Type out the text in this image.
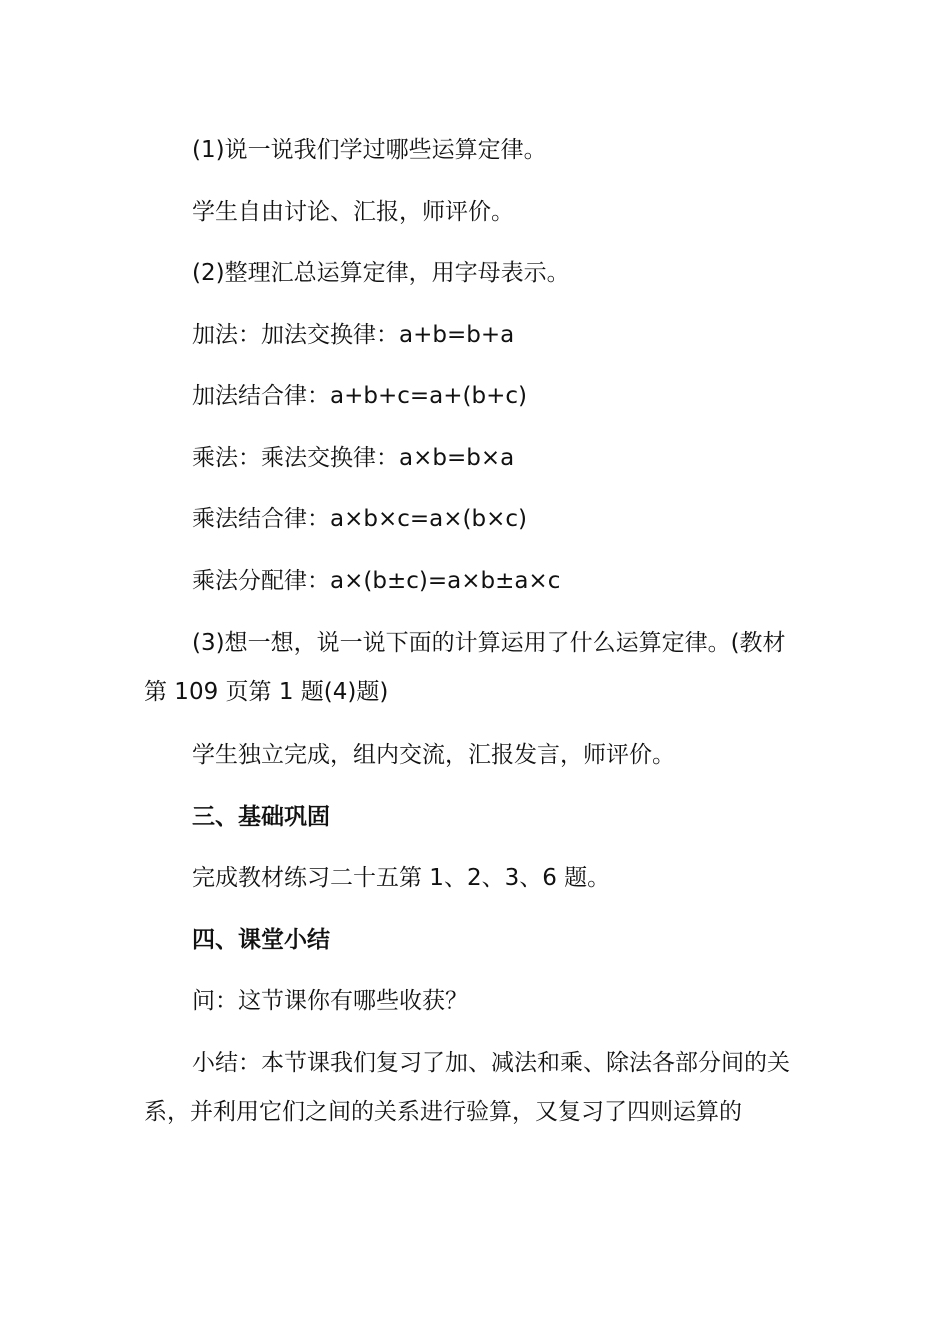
(1)说一说我们学过哪些运算定律。

学生自由讨论、汇报，师评价。

(2)整理汇总运算定律，用字母表示。

加法：加法交换律：a+b=b+a

加法结合律：a+b+c=a+(b+c)

乘法：乘法交换律：a×b=b×a

乘法结合律：a×b×c=a×(b×c)

乘法分配律：a×(b±c)=a×b±a×c

(3)想一想，说一说下面的计算运用了什么运算定律。(教材第 109 页第 1 题(4)题)

学生独立完成，组内交流，汇报发言，师评价。

三、基础巩固

完成教材练习二十五第 1、2、3、6 题。

四、课堂小结

问：这节课你有哪些收获？

小结：本节课我们复习了加、减法和乘、除法各部分间的关系，并利用它们之间的关系进行验算，又复习了四则运算的
